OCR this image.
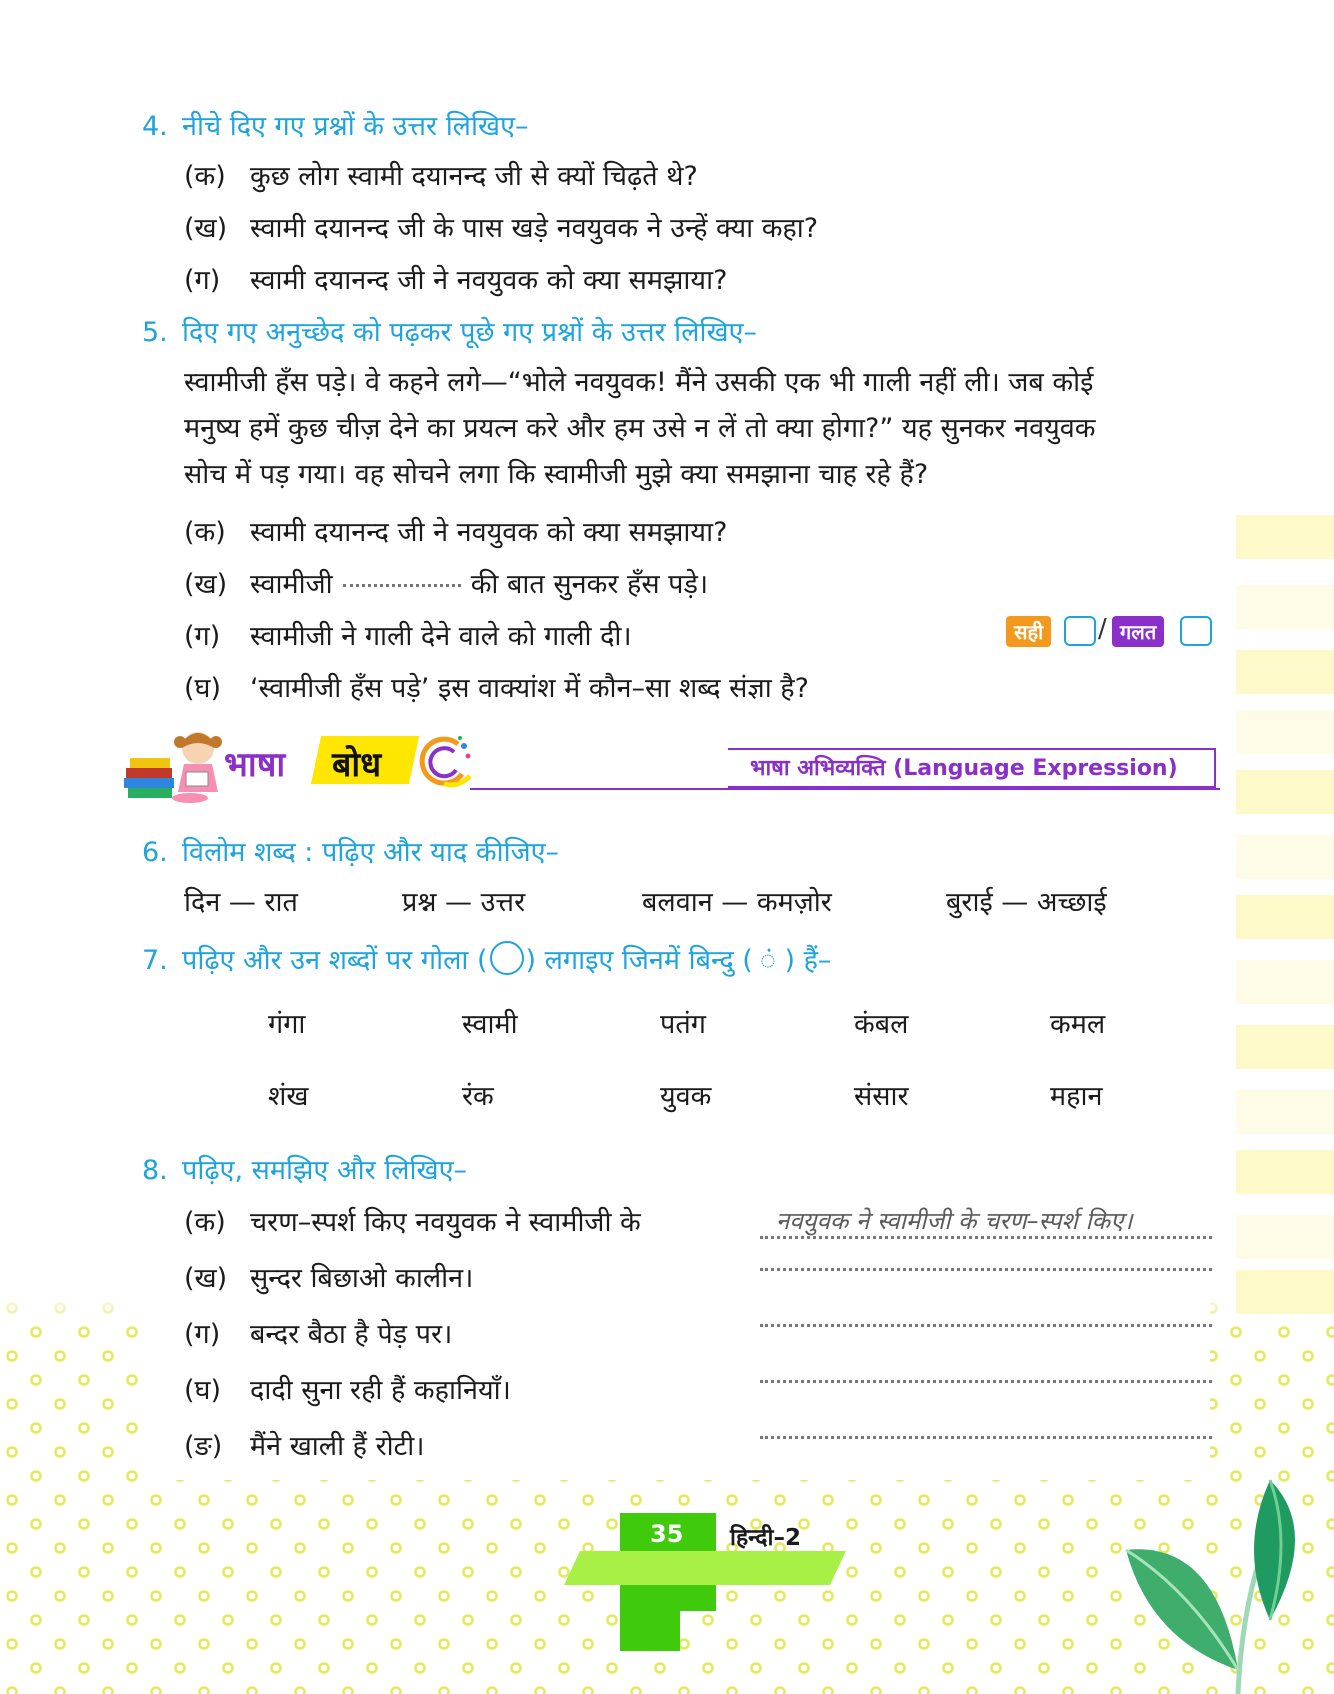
4. नीचे दिए गए प्रश्नों के उत्तर लिखिए–
(क) कुछ लोग स्वामी दयानन्द जी से क्यों चिढ़ते थे?
(ख) स्वामी दयानन्द जी के पास खड़े नवयुवक ने उन्हें क्या कहा?
(ग) स्वामी दयानन्द जी ने नवयुवक को क्या समझाया?
5. दिए गए अनुच्छेद को पढ़कर पूछे गए प्रश्नों के उत्तर लिखिए–
स्वामीजी हँस पड़े। वे कहने लगे—“भोले नवयुवक! मैंने उसकी एक भी गाली नहीं ली। जब कोई
मनुष्य हमें कुछ चीज़ देने का प्रयत्न करे और हम उसे न लें तो क्या होगा?” यह सुनकर नवयुवक
सोच में पड़ गया। वह सोचने लगा कि स्वामीजी मुझे क्या समझाना चाह रहे हैं?
(क) स्वामी दयानन्द जी ने नवयुवक को क्या समझाया?
(ख) स्वामीजी	की बात सुनकर हँस पड़े।
(ग) स्वामीजी ने गाली देने वाले को गाली दी।	सही	/ गलत
(घ) ‘स्वामीजी हँस पड़े’ इस वाक्यांश में कौन–सा शब्द संज्ञा है?
भाषा बोध	भाषा अभिव्यक्ति (Language Expression)
6. विलोम शब्द : पढ़िए और याद कीजिए–
दिन — रात	प्रश्न — उत्तर	बलवान — कमज़ोर	बुराई — अच्छाई
7. पढ़िए और उन शब्दों पर गोला ( ) लगाइए जिनमें बिन्दु ( ं ) हैं–
गंगा	स्वामी	पतंग	कंबल	कमल
शंख	रंक	युवक	संसार	महान
8. पढ़िए, समझिए और लिखिए–
(क) चरण–स्पर्श किए नवयुवक ने स्वामीजी के
(ख) सुन्दर बिछाओ कालीन।
(ग) बन्दर बैठा है पेड़ पर।
(घ) दादी सुना रही हैं कहानियाँ।
(ङ) मैंने खाली हैं रोटी।
नवयुवक ने स्वामीजी के चरण–स्पर्श किए।
35 हिन्दी–2
